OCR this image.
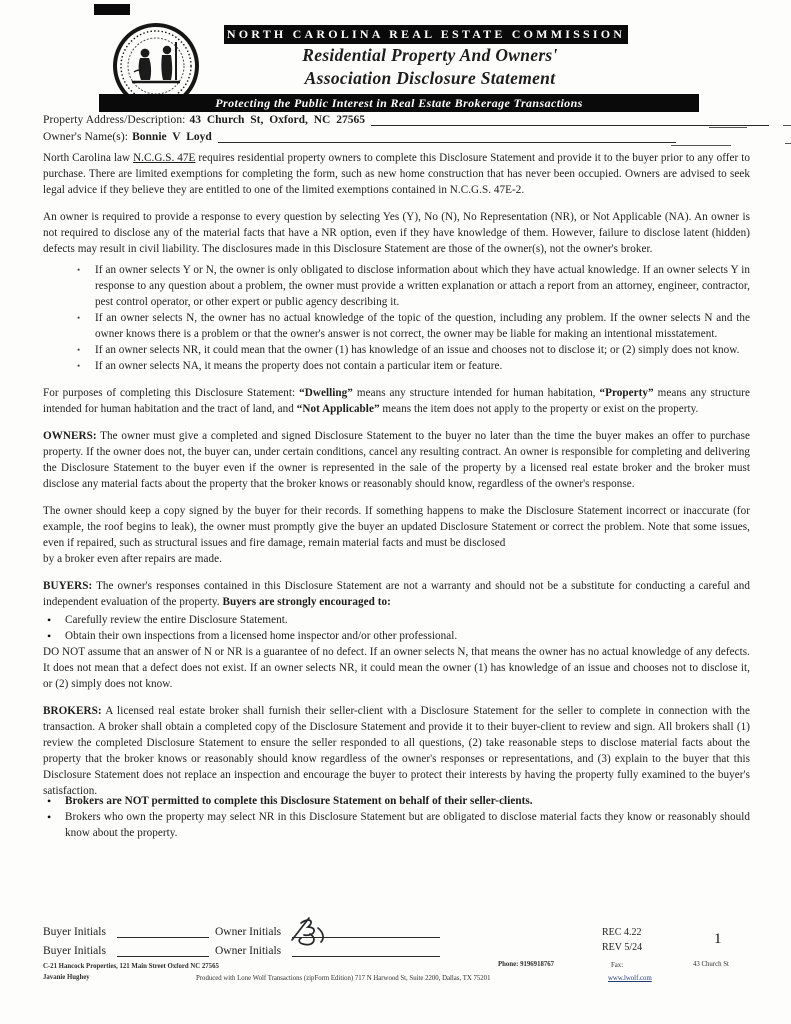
NORTH CAROLINA REAL ESTATE COMMISSION
Residential Property And Owners'
Association Disclosure Statement
Protecting the Public Interest in Real Estate Brokerage Transactions
Property Address/Description: 43 Church St, Oxford, NC 27565
Owner's Name(s): Bonnie V Loyd

North Carolina law N.C.G.S. 47E requires residential property owners to complete this Disclosure Statement and provide it to the buyer prior to any offer to purchase. There are limited exemptions for completing the form, such as new home construction that has never been occupied. Owners are advised to seek legal advice if they believe they are entitled to one of the limited exemptions contained in N.C.G.S. 47E-2.

An owner is required to provide a response to every question by selecting Yes (Y), No (N), No Representation (NR), or Not Applicable (NA). An owner is not required to disclose any of the material facts that have a NR option, even if they have knowledge of them. However, failure to disclose latent (hidden) defects may result in civil liability. The disclosures made in this Disclosure Statement are those of the owner(s), not the owner's broker.

• If an owner selects Y or N, the owner is only obligated to disclose information about which they have actual knowledge. If an owner selects Y in response to any question about a problem, the owner must provide a written explanation or attach a report from an attorney, engineer, contractor, pest control operator, or other expert or public agency describing it.
• If an owner selects N, the owner has no actual knowledge of the topic of the question, including any problem. If the owner selects N and the owner knows there is a problem or that the owner's answer is not correct, the owner may be liable for making an intentional misstatement.
• If an owner selects NR, it could mean that the owner (1) has knowledge of an issue and chooses not to disclose it; or (2) simply does not know.
• If an owner selects NA, it means the property does not contain a particular item or feature.

For purposes of completing this Disclosure Statement: “Dwelling” means any structure intended for human habitation, “Property” means any structure intended for human habitation and the tract of land, and “Not Applicable” means the item does not apply to the property or exist on the property.

OWNERS: The owner must give a completed and signed Disclosure Statement to the buyer no later than the time the buyer makes an offer to purchase property. If the owner does not, the buyer can, under certain conditions, cancel any resulting contract. An owner is responsible for completing and delivering the Disclosure Statement to the buyer even if the owner is represented in the sale of the property by a licensed real estate broker and the broker must disclose any material facts about the property that the broker knows or reasonably should know, regardless of the owner's response.

The owner should keep a copy signed by the buyer for their records. If something happens to make the Disclosure Statement incorrect or inaccurate (for example, the roof begins to leak), the owner must promptly give the buyer an updated Disclosure Statement or correct the problem. Note that some issues, even if repaired, such as structural issues and fire damage, remain material facts and must be disclosed
by a broker even after repairs are made.

BUYERS: The owner's responses contained in this Disclosure Statement are not a warranty and should not be a substitute for conducting a careful and independent evaluation of the property. Buyers are strongly encouraged to:

• Carefully review the entire Disclosure Statement.
• Obtain their own inspections from a licensed home inspector and/or other professional.

DO NOT assume that an answer of N or NR is a guarantee of no defect. If an owner selects N, that means the owner has no actual knowledge of any defects. It does not mean that a defect does not exist. If an owner selects NR, it could mean the owner (1) has knowledge of an issue and chooses not to disclose it, or (2) simply does not know.

BROKERS: A licensed real estate broker shall furnish their seller-client with a Disclosure Statement for the seller to complete in connection with the transaction. A broker shall obtain a completed copy of the Disclosure Statement and provide it to their buyer-client to review and sign. All brokers shall (1) review the completed Disclosure Statement to ensure the seller responded to all questions, (2) take reasonable steps to disclose material facts about the property that the broker knows or reasonably should know regardless of the owner's responses or representations, and (3) explain to the buyer that this Disclosure Statement does not replace an inspection and encourage the buyer to protect their interests by having the property fully examined to the buyer's satisfaction.

• Brokers are NOT permitted to complete this Disclosure Statement on behalf of their seller-clients.
• Brokers who own the property may select NR in this Disclosure Statement but are obligated to disclose material facts they know or reasonably should know about the property.
Buyer Initials	Owner Initials
Buyer Initials	Owner Initials
REC 4.22
REV 5/24
1
C-21 Hancock Properties, 121 Main Street Oxford NC 27565	Phone: 9196918767	Fax:	43 Church St
Javanie Hughey	Produced with Lone Wolf Transactions (zipForm Edition) 717 N Harwood St, Suite 2200, Dallas, TX 75201	www.lwolf.com
